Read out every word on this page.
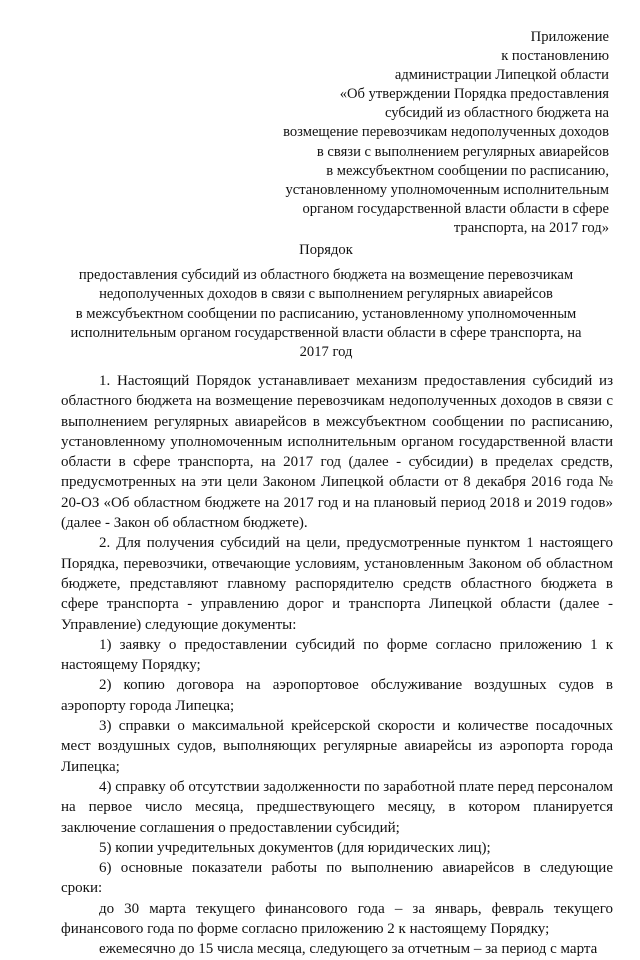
Приложение
к постановлению
администрации Липецкой области
«Об утверждении Порядка предоставления
субсидий из областного бюджета на
возмещение перевозчикам недополученных доходов
в связи с выполнением регулярных авиарейсов
в межсубъектном сообщении по расписанию,
установленному уполномоченным исполнительным
органом государственной власти области в сфере
транспорта, на 2017 год»
Порядок
предоставления субсидий из областного бюджета на возмещение перевозчикам
недополученных доходов в связи с выполнением регулярных авиарейсов
в межсубъектном сообщении по расписанию, установленному уполномоченным
исполнительным органом государственной власти области в сфере транспорта, на
2017 год

1. Настоящий Порядок устанавливает механизм предоставления субсидий из областного бюджета на возмещение перевозчикам недополученных доходов в связи с выполнением регулярных авиарейсов в межсубъектном сообщении по расписанию, установленному уполномоченным исполнительным органом государственной власти области в сфере транспорта, на 2017 год (далее - субсидии) в пределах средств, предусмотренных на эти цели Законом Липецкой области от 8 декабря 2016 года № 20-ОЗ «Об областном бюджете на 2017 год и на плановый период 2018 и 2019 годов» (далее - Закон об областном бюджете).

2. Для получения субсидий на цели, предусмотренные пунктом 1 настоящего Порядка, перевозчики, отвечающие условиям, установленным Законом об областном бюджете, представляют главному распорядителю средств областного бюджета в сфере транспорта - управлению дорог и транспорта Липецкой области (далее - Управление) следующие документы:

1) заявку о предоставлении субсидий по форме согласно приложению 1 к настоящему Порядку;

2) копию договора на аэропортовое обслуживание воздушных судов в аэропорту города Липецка;

3) справки о максимальной крейсерской скорости и количестве посадочных мест воздушных судов, выполняющих регулярные авиарейсы из аэропорта города Липецка;

4) справку об отсутствии задолженности по заработной плате перед персоналом на первое число месяца, предшествующего месяцу, в котором планируется заключение соглашения о предоставлении субсидий;

5) копии учредительных документов (для юридических лиц);

6) основные показатели работы по выполнению авиарейсов в следующие сроки:

до 30 марта текущего финансового года – за январь, февраль текущего финансового года по форме согласно приложению 2 к настоящему Порядку;

ежемесячно до 15 числа месяца, следующего за отчетным – за период с марта
